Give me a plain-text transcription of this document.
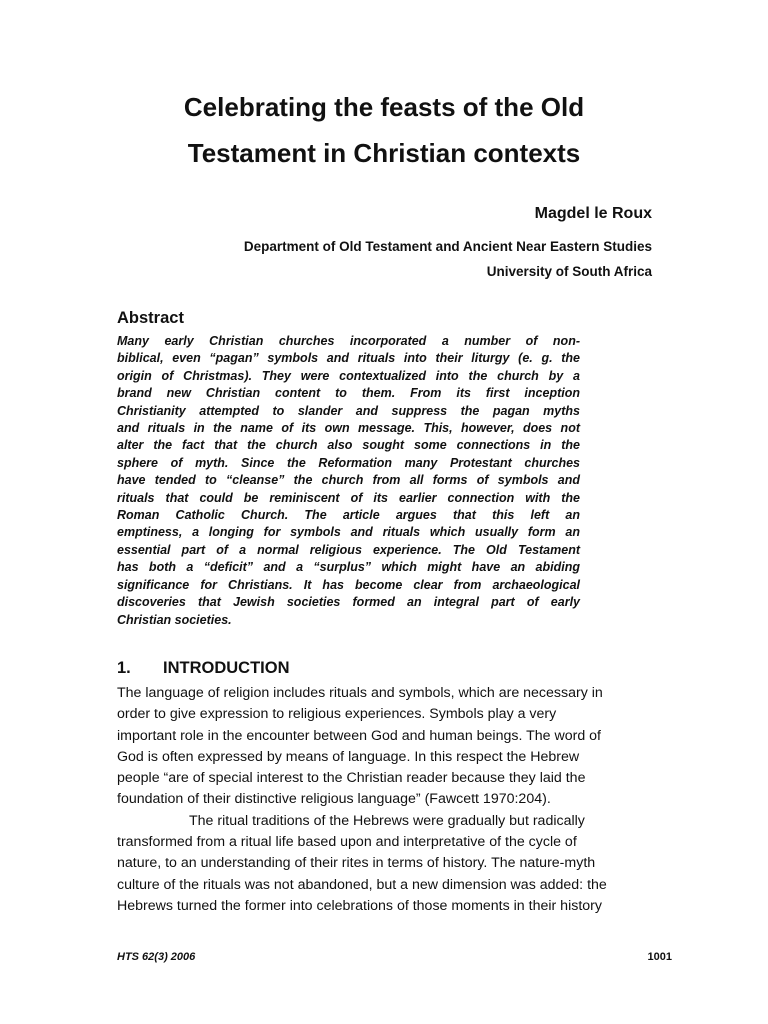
Celebrating the feasts of the Old
Testament in Christian contexts
Magdel le Roux
Department of Old Testament and Ancient Near Eastern Studies
University of South Africa
Abstract
Many early Christian churches incorporated a number of non-
biblical, even “pagan” symbols and rituals into their liturgy (e. g. the
origin of Christmas). They were contextualized into the church by a
brand new Christian content to them. From its first inception
Christianity attempted to slander and suppress the pagan myths
and rituals in the name of its own message. This, however, does not
alter the fact that the church also sought some connections in the
sphere of myth. Since the Reformation many Protestant churches
have tended to “cleanse” the church from all forms of symbols and
rituals that could be reminiscent of its earlier connection with the
Roman Catholic Church. The article argues that this left an
emptiness, a longing for symbols and rituals which usually form an
essential part of a normal religious experience. The Old Testament
has both a “deficit” and a “surplus” which might have an abiding
significance for Christians. It has become clear from archaeological
discoveries that Jewish societies formed an integral part of early
Christian societies.
1. INTRODUCTION
The language of religion includes rituals and symbols, which are necessary in
order to give expression to religious experiences. Symbols play a very
important role in the encounter between God and human beings. The word of
God is often expressed by means of language. In this respect the Hebrew
people “are of special interest to the Christian reader because they laid the
foundation of their distinctive religious language” (Fawcett 1970:204).
The ritual traditions of the Hebrews were gradually but radically
transformed from a ritual life based upon and interpretative of the cycle of
nature, to an understanding of their rites in terms of history. The nature-myth
culture of the rituals was not abandoned, but a new dimension was added: the
Hebrews turned the former into celebrations of those moments in their history
HTS 62(3) 2006	1001
